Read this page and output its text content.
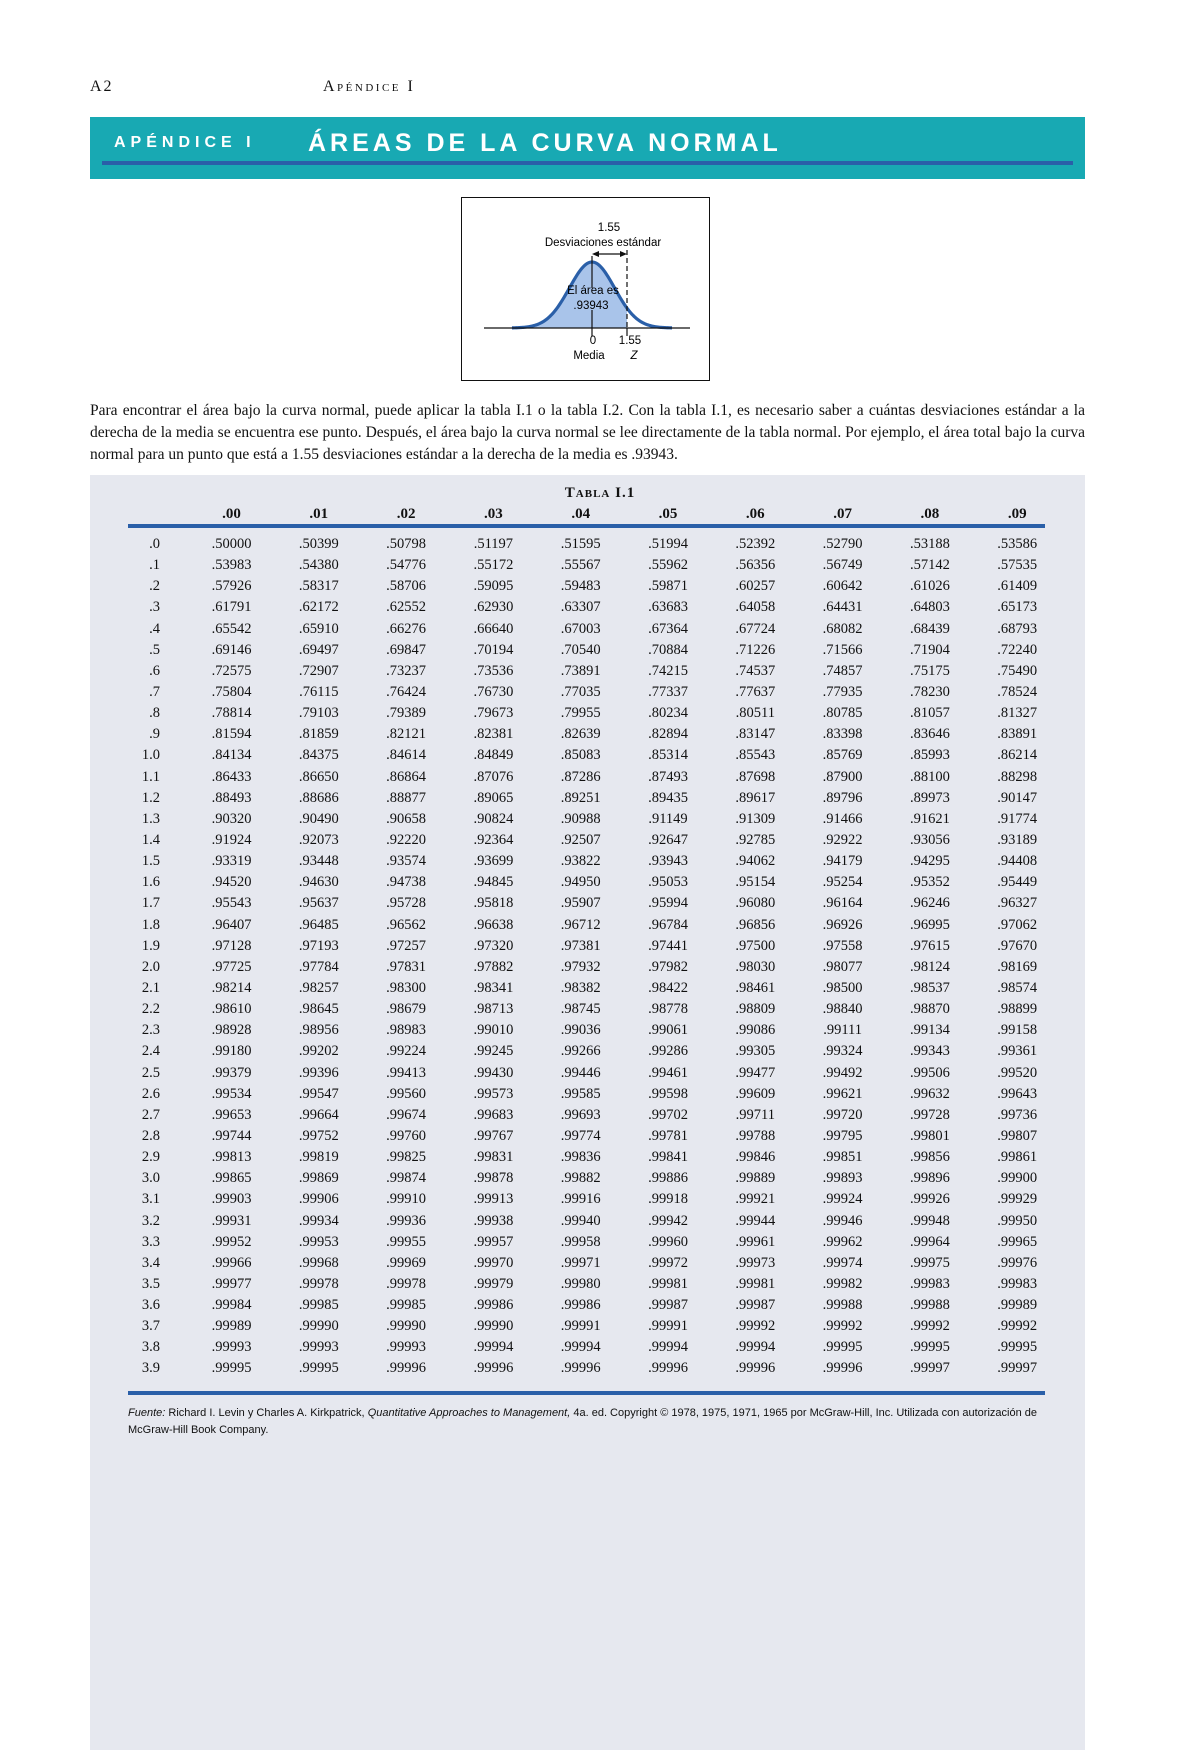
A2	Apéndice I
APÉNDICE I ÁREAS DE LA CURVA NORMAL
1.55
Desviaciones estándar
El área es
.93943
0 1.55
Media Z
Para encontrar el área bajo la curva normal, puede aplicar la tabla I.1 o la tabla I.2. Con la tabla I.1, es necesario saber a cuántas desviaciones estándar a la derecha de la media se encuentra ese punto. Después, el área bajo la curva normal se lee directamente de la tabla normal. Por ejemplo, el área total bajo la curva normal para un punto que está a 1.55 desviaciones estándar a la derecha de la media es .93943.
Tabla I.1
.00	.01	.02	.03	.04	.05	.06	.07	.08	.09
.0	.50000	.50399	.50798	.51197	.51595	.51994	.52392	.52790	.53188	.53586
.1	.53983	.54380	.54776	.55172	.55567	.55962	.56356	.56749	.57142	.57535
.2	.57926	.58317	.58706	.59095	.59483	.59871	.60257	.60642	.61026	.61409
.3	.61791	.62172	.62552	.62930	.63307	.63683	.64058	.64431	.64803	.65173
.4	.65542	.65910	.66276	.66640	.67003	.67364	.67724	.68082	.68439	.68793
.5	.69146	.69497	.69847	.70194	.70540	.70884	.71226	.71566	.71904	.72240
.6	.72575	.72907	.73237	.73536	.73891	.74215	.74537	.74857	.75175	.75490
.7	.75804	.76115	.76424	.76730	.77035	.77337	.77637	.77935	.78230	.78524
.8	.78814	.79103	.79389	.79673	.79955	.80234	.80511	.80785	.81057	.81327
.9	.81594	.81859	.82121	.82381	.82639	.82894	.83147	.83398	.83646	.83891
1.0	.84134	.84375	.84614	.84849	.85083	.85314	.85543	.85769	.85993	.86214
1.1	.86433	.86650	.86864	.87076	.87286	.87493	.87698	.87900	.88100	.88298
1.2	.88493	.88686	.88877	.89065	.89251	.89435	.89617	.89796	.89973	.90147
1.3	.90320	.90490	.90658	.90824	.90988	.91149	.91309	.91466	.91621	.91774
1.4	.91924	.92073	.92220	.92364	.92507	.92647	.92785	.92922	.93056	.93189
1.5	.93319	.93448	.93574	.93699	.93822	.93943	.94062	.94179	.94295	.94408
1.6	.94520	.94630	.94738	.94845	.94950	.95053	.95154	.95254	.95352	.95449
1.7	.95543	.95637	.95728	.95818	.95907	.95994	.96080	.96164	.96246	.96327
1.8	.96407	.96485	.96562	.96638	.96712	.96784	.96856	.96926	.96995	.97062
1.9	.97128	.97193	.97257	.97320	.97381	.97441	.97500	.97558	.97615	.97670
2.0	.97725	.97784	.97831	.97882	.97932	.97982	.98030	.98077	.98124	.98169
2.1	.98214	.98257	.98300	.98341	.98382	.98422	.98461	.98500	.98537	.98574
2.2	.98610	.98645	.98679	.98713	.98745	.98778	.98809	.98840	.98870	.98899
2.3	.98928	.98956	.98983	.99010	.99036	.99061	.99086	.99111	.99134	.99158
2.4	.99180	.99202	.99224	.99245	.99266	.99286	.99305	.99324	.99343	.99361
2.5	.99379	.99396	.99413	.99430	.99446	.99461	.99477	.99492	.99506	.99520
2.6	.99534	.99547	.99560	.99573	.99585	.99598	.99609	.99621	.99632	.99643
2.7	.99653	.99664	.99674	.99683	.99693	.99702	.99711	.99720	.99728	.99736
2.8	.99744	.99752	.99760	.99767	.99774	.99781	.99788	.99795	.99801	.99807
2.9	.99813	.99819	.99825	.99831	.99836	.99841	.99846	.99851	.99856	.99861
3.0	.99865	.99869	.99874	.99878	.99882	.99886	.99889	.99893	.99896	.99900
3.1	.99903	.99906	.99910	.99913	.99916	.99918	.99921	.99924	.99926	.99929
3.2	.99931	.99934	.99936	.99938	.99940	.99942	.99944	.99946	.99948	.99950
3.3	.99952	.99953	.99955	.99957	.99958	.99960	.99961	.99962	.99964	.99965
3.4	.99966	.99968	.99969	.99970	.99971	.99972	.99973	.99974	.99975	.99976
3.5	.99977	.99978	.99978	.99979	.99980	.99981	.99981	.99982	.99983	.99983
3.6	.99984	.99985	.99985	.99986	.99986	.99987	.99987	.99988	.99988	.99989
3.7	.99989	.99990	.99990	.99990	.99991	.99991	.99992	.99992	.99992	.99992
3.8	.99993	.99993	.99993	.99994	.99994	.99994	.99994	.99995	.99995	.99995
3.9	.99995	.99995	.99996	.99996	.99996	.99996	.99996	.99996	.99997	.99997
Fuente: Richard I. Levin y Charles A. Kirkpatrick, Quantitative Approaches to Management, 4a. ed. Copyright © 1978, 1975, 1971, 1965 por McGraw-Hill, Inc. Utilizada con autorización de McGraw-Hill Book Company.
